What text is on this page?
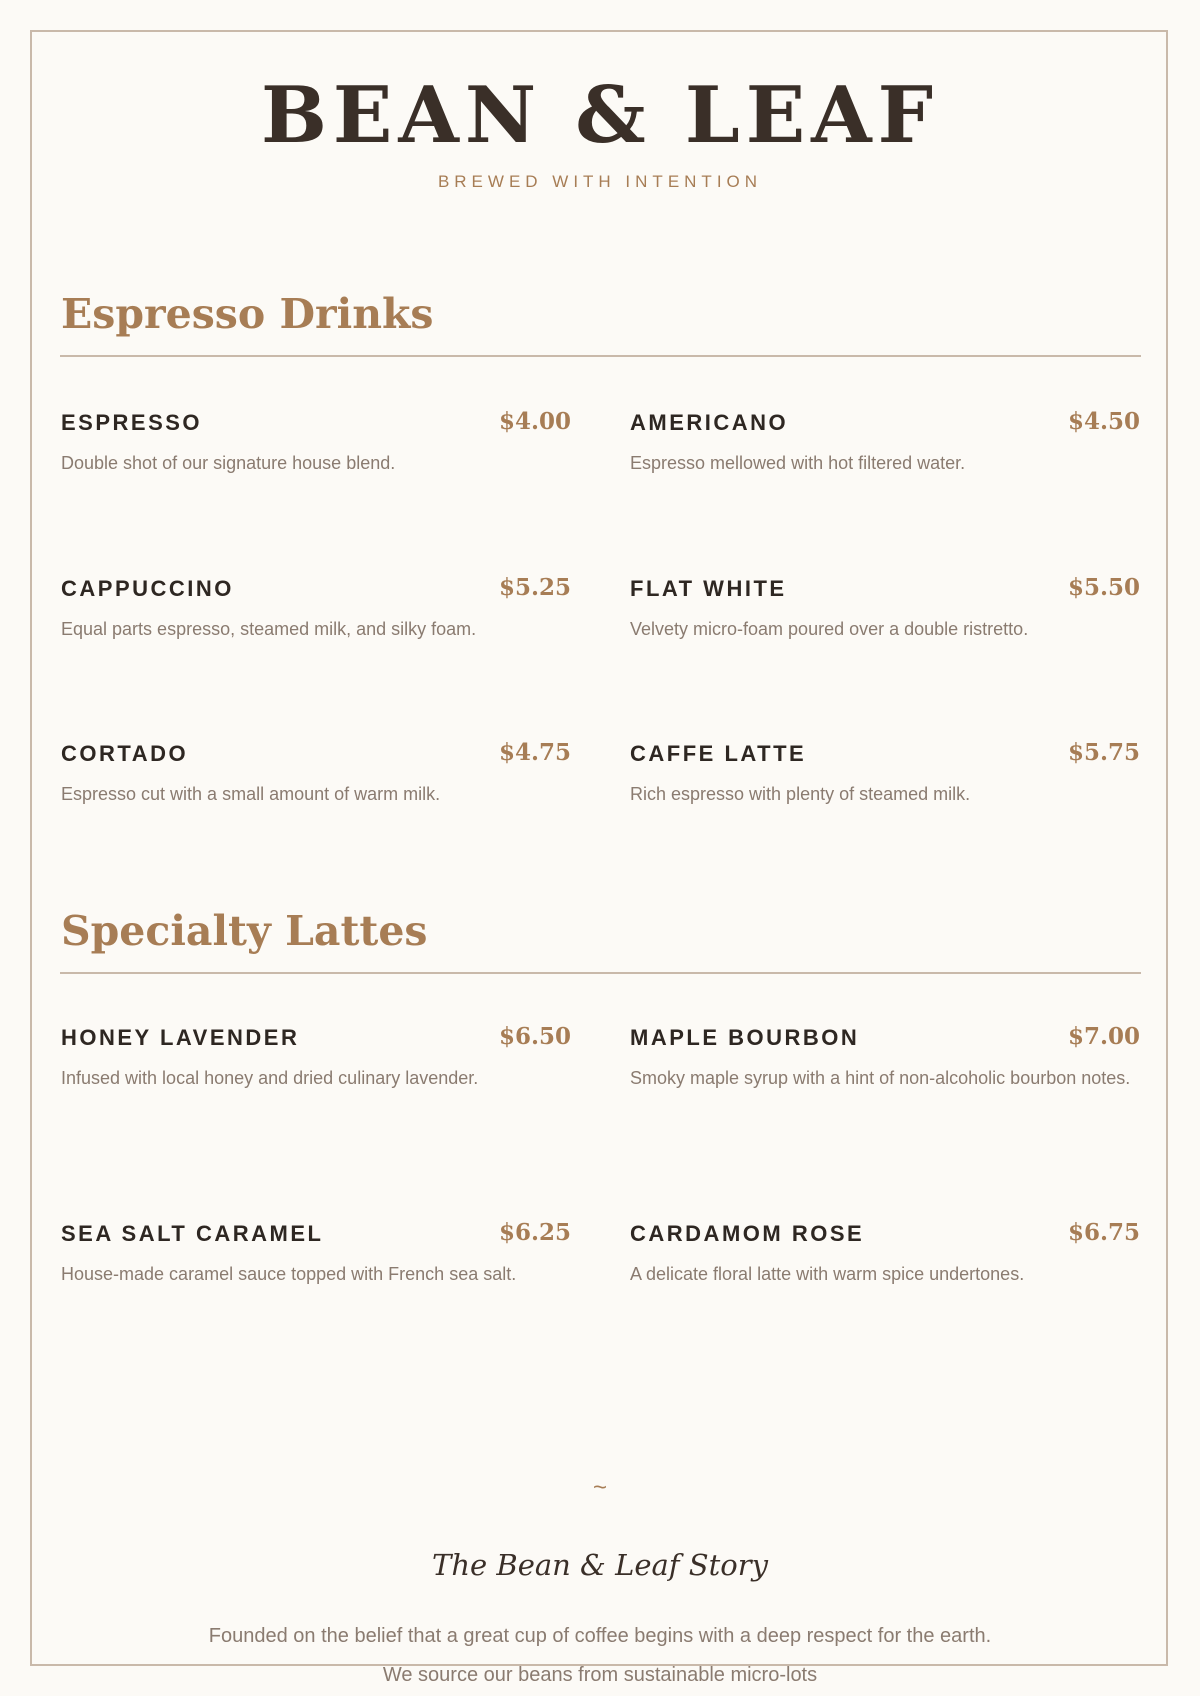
BEAN & LEAF
BREWED WITH INTENTION
Espresso Drinks
ESPRESSO	$4.00
Double shot of our signature house blend.
AMERICANO	$4.50
Espresso mellowed with hot filtered water.
CAPPUCCINO	$5.25
Equal parts espresso, steamed milk, and silky foam.
FLAT WHITE	$5.50
Velvety micro-foam poured over a double ristretto.
CORTADO	$4.75
Espresso cut with a small amount of warm milk.
CAFFE LATTE	$5.75
Rich espresso with plenty of steamed milk.
Specialty Lattes
HONEY LAVENDER	$6.50
Infused with local honey and dried culinary lavender.
MAPLE BOURBON	$7.00
Smoky maple syrup with a hint of non-alcoholic bourbon notes.
SEA SALT CARAMEL	$6.25
House-made caramel sauce topped with French sea salt.
CARDAMOM ROSE	$6.75
A delicate floral latte with warm spice undertones.
~
The Bean & Leaf Story
Founded on the belief that a great cup of coffee begins with a deep respect for the earth. We source our beans from sustainable micro-lots
